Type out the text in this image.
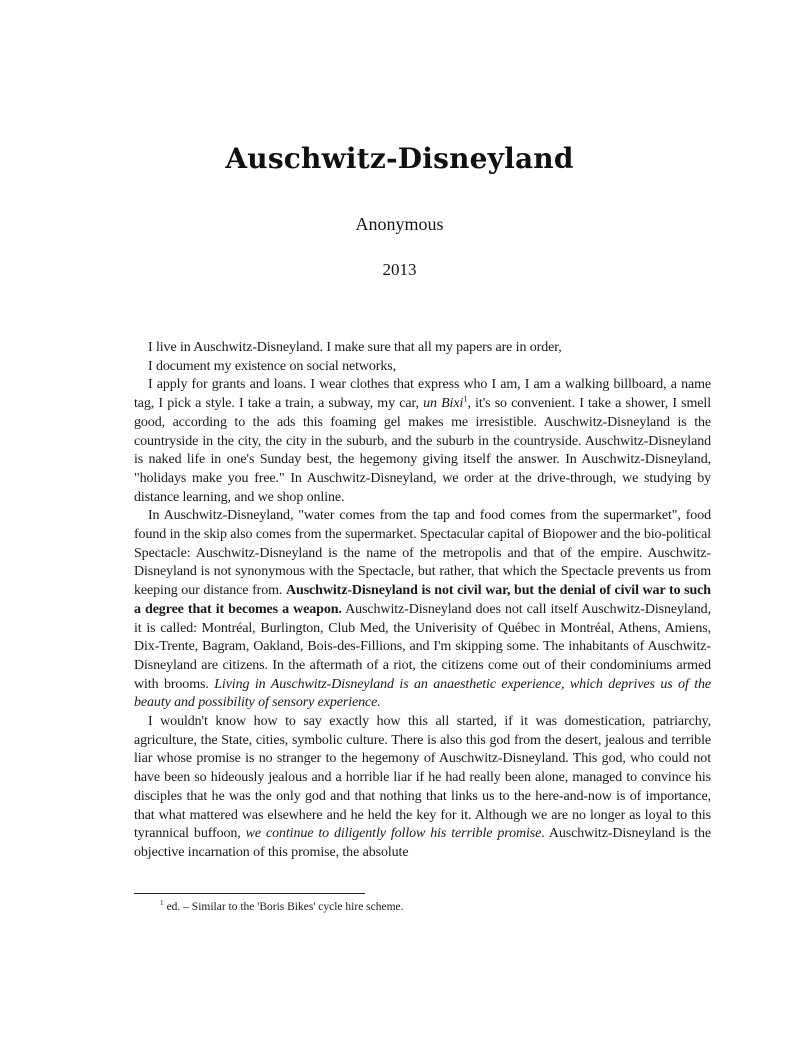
Auschwitz-Disneyland
Anonymous
2013

I live in Auschwitz-Disneyland. I make sure that all my papers are in order,

I document my existence on social networks,

I apply for grants and loans. I wear clothes that express who I am, I am a walking billboard, a name tag, I pick a style. I take a train, a subway, my car, un Bixi$^1$, it's so convenient. I take a shower, I smell good, according to the ads this foaming gel makes me irresistible. Auschwitz-Disneyland is the countryside in the city, the city in the suburb, and the suburb in the countryside. Auschwitz-Disneyland is naked life in one's Sunday best, the hegemony giving itself the answer. In Auschwitz-Disneyland, "holidays make you free." In Auschwitz-Disneyland, we order at the drive-through, we studying by distance learning, and we shop online.

In Auschwitz-Disneyland, "water comes from the tap and food comes from the supermarket", food found in the skip also comes from the supermarket. Spectacular capital of Biopower and the bio-political Spectacle: Auschwitz-Disneyland is the name of the metropolis and that of the empire. Auschwitz-Disneyland is not synonymous with the Spectacle, but rather, that which the Spectacle prevents us from keeping our distance from. Auschwitz-Disneyland is not civil war, but the denial of civil war to such a degree that it becomes a weapon. Auschwitz-Disneyland does not call itself Auschwitz-Disneyland, it is called: Montréal, Burlington, Club Med, the Univerisity of Québec in Montréal, Athens, Amiens, Dix-Trente, Bagram, Oakland, Bois-des-Fillions, and I'm skipping some. The inhabitants of Auschwitz-Disneyland are citizens. In the aftermath of a riot, the citizens come out of their condominiums armed with brooms. Living in Auschwitz-Disneyland is an anaesthetic experience, which deprives us of the beauty and possibility of sensory experience.

I wouldn't know how to say exactly how this all started, if it was domestication, patriarchy, agriculture, the State, cities, symbolic culture. There is also this god from the desert, jealous and terrible liar whose promise is no stranger to the hegemony of Auschwitz-Disneyland. This god, who could not have been so hideously jealous and a horrible liar if he had really been alone, managed to convince his disciples that he was the only god and that nothing that links us to the here-and-now is of importance, that what mattered was elsewhere and he held the key for it. Although we are no longer as loyal to this tyrannical buffoon, we continue to diligently follow his terrible promise. Auschwitz-Disneyland is the objective incarnation of this promise, the absolute

$^1$ ed. – Similar to the 'Boris Bikes' cycle hire scheme.
